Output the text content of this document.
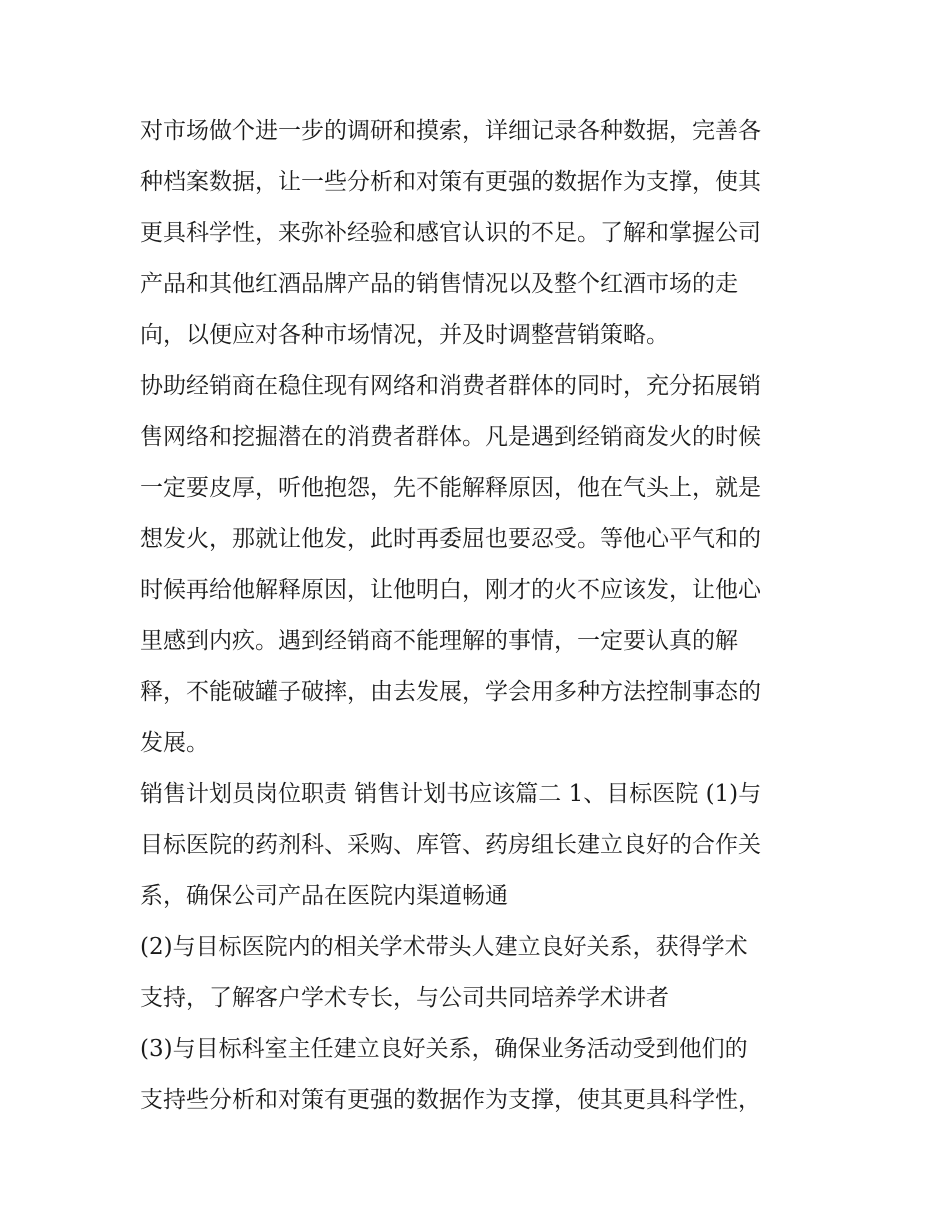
对市场做个进一步的调研和摸索，详细记录各种数据，完善各
种档案数据，让一些分析和对策有更强的数据作为支撑，使其
更具科学性，来弥补经验和感官认识的不足。了解和掌握公司
产品和其他红酒品牌产品的销售情况以及整个红酒市场的走
向，以便应对各种市场情况，并及时调整营销策略。
协助经销商在稳住现有网络和消费者群体的同时，充分拓展销
售网络和挖掘潜在的消费者群体。凡是遇到经销商发火的时候
一定要皮厚，听他抱怨，先不能解释原因，他在气头上，就是
想发火，那就让他发，此时再委屈也要忍受。等他心平气和的
时候再给他解释原因，让他明白，刚才的火不应该发，让他心
里感到内疚。遇到经销商不能理解的事情，一定要认真的解
释，不能破罐子破摔，由去发展，学会用多种方法控制事态的
发展。
销售计划员岗位职责 销售计划书应该篇二 1、目标医院 (1)与
目标医院的药剂科、采购、库管、药房组长建立良好的合作关
系，确保公司产品在医院内渠道畅通
(2)与目标医院内的相关学术带头人建立良好关系，获得学术
支持，了解客户学术专长，与公司共同培养学术讲者
(3)与目标科室主任建立良好关系，确保业务活动受到他们的
支持些分析和对策有更强的数据作为支撑，使其更具科学性，
